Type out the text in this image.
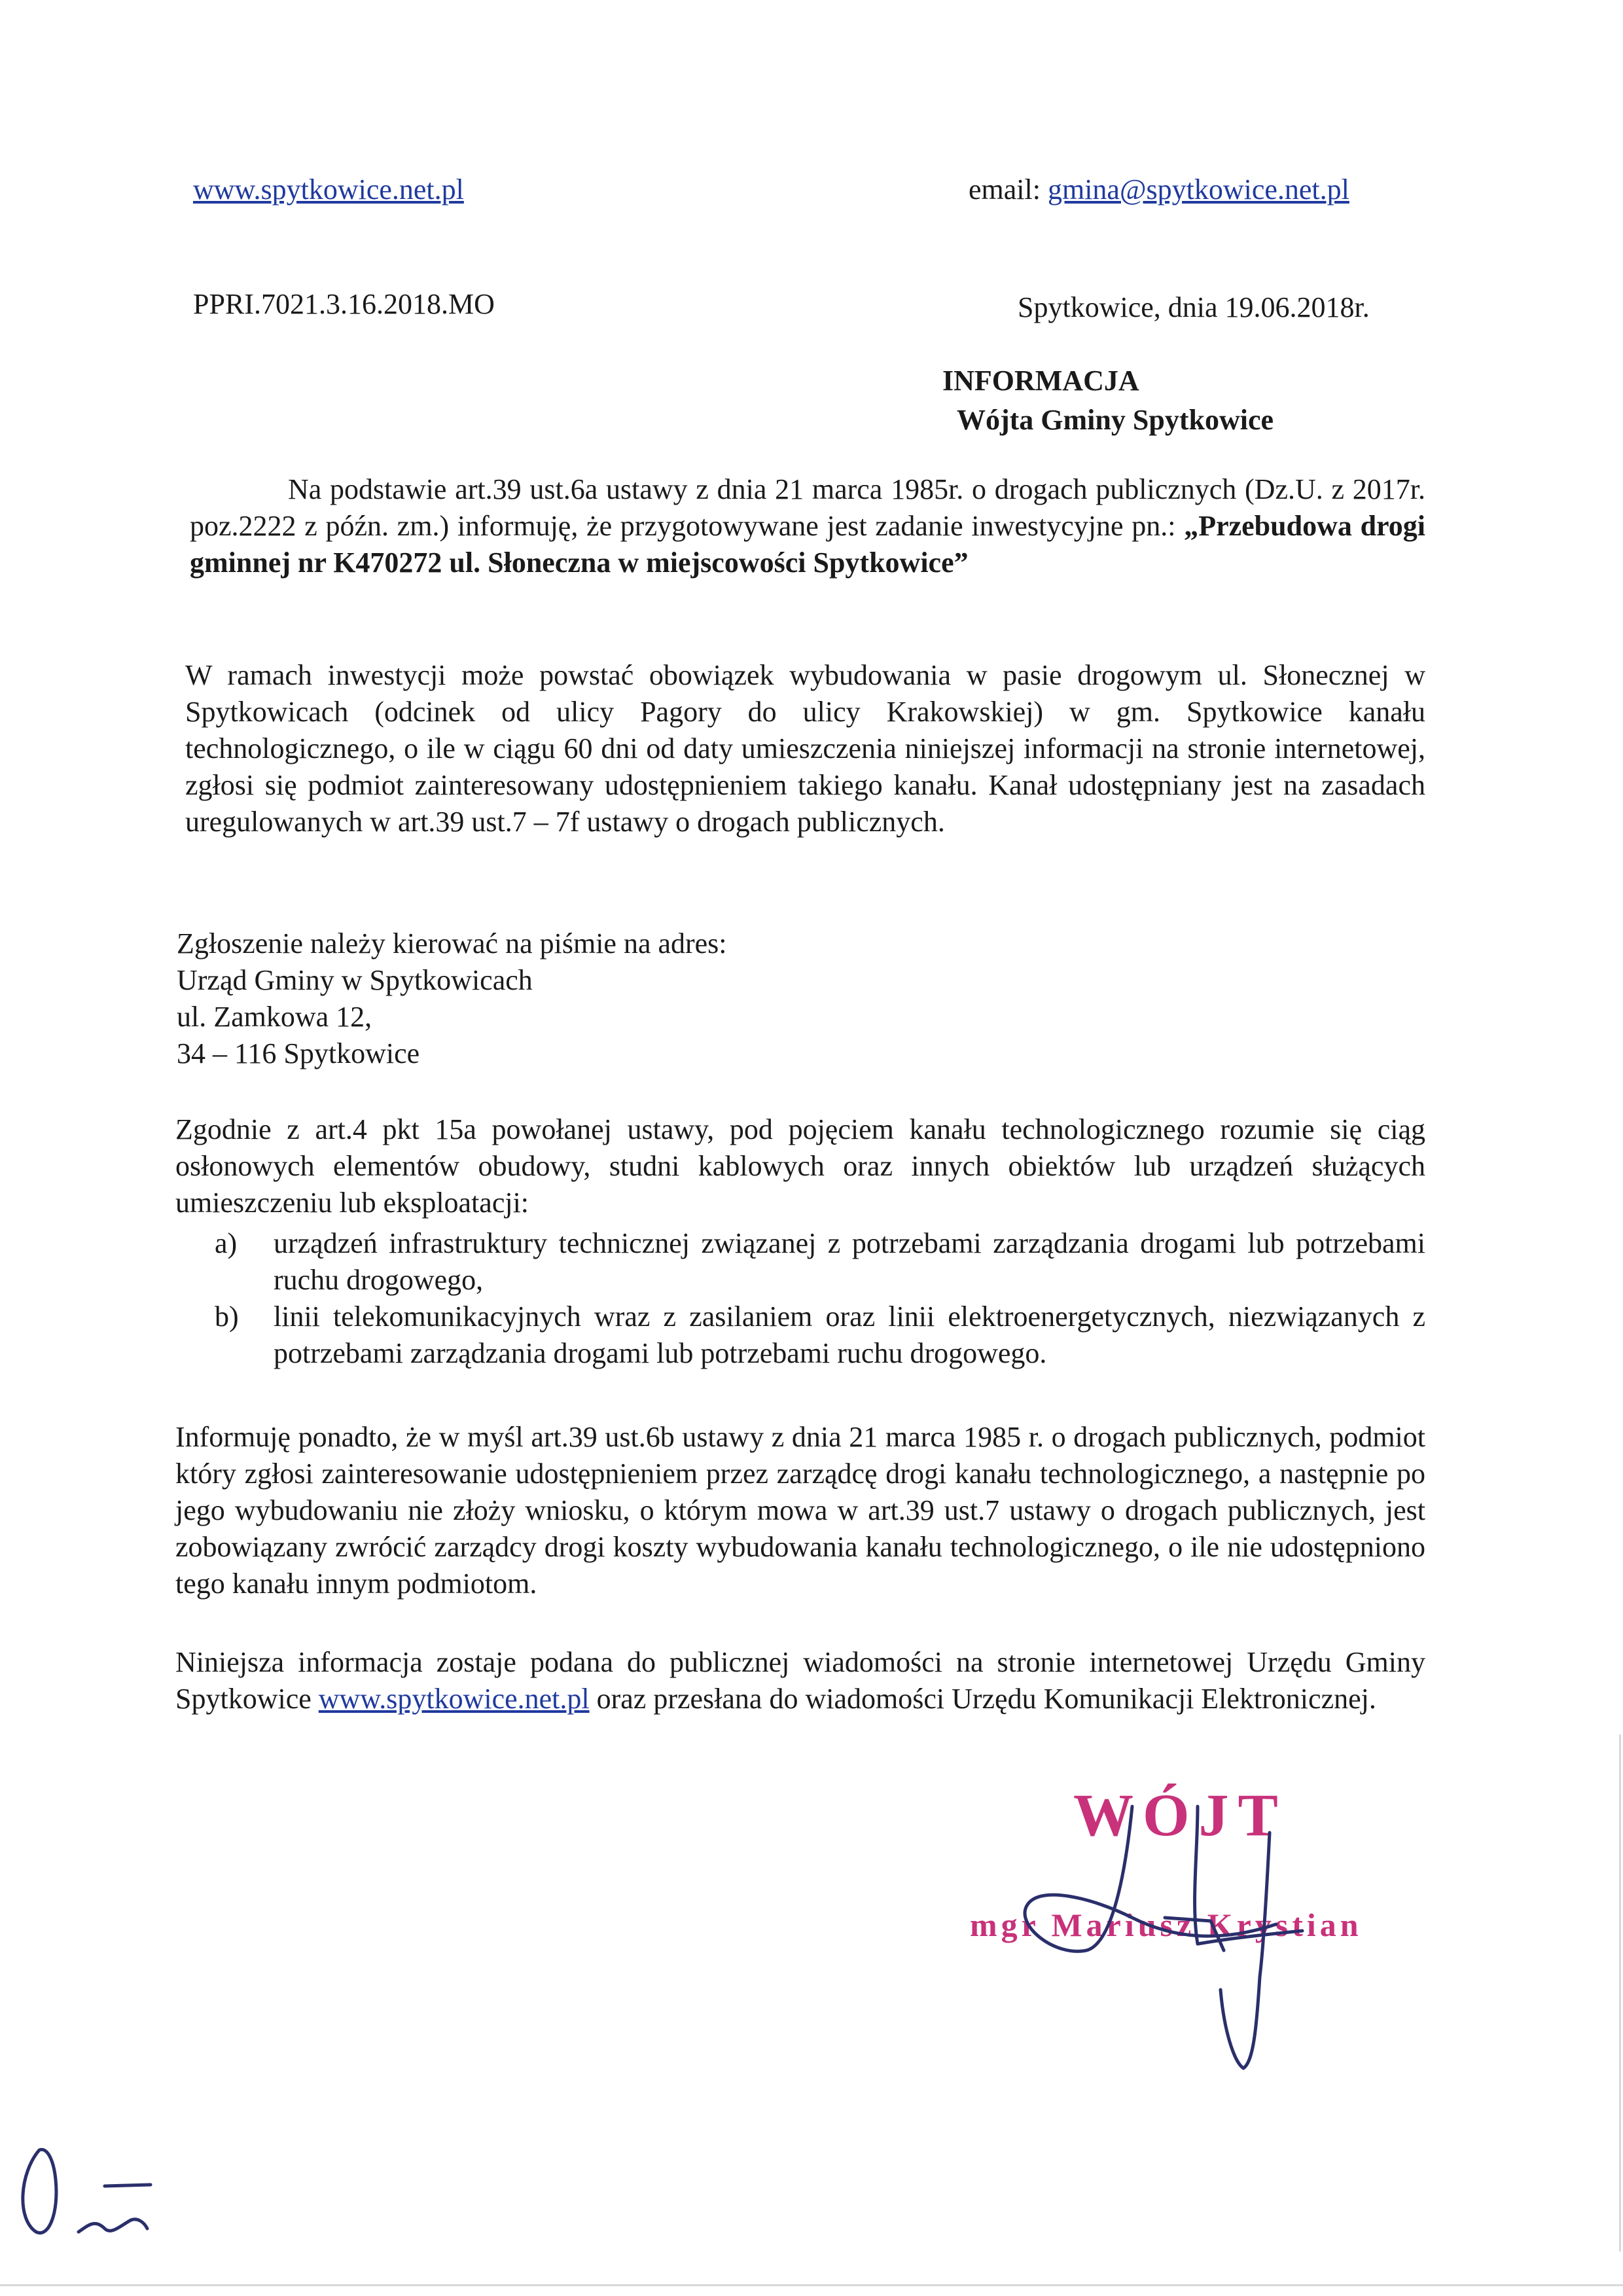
www.spytkowice.net.pl	email: gmina@spytkowice.net.pl
PPRI.7021.3.16.2018.MO	Spytkowice, dnia 19.06.2018r.
INFORMACJA
Wójta Gminy Spytkowice
Na podstawie art.39 ust.6a ustawy z dnia 21 marca 1985r. o drogach publicznych (Dz.U. z 2017r. poz.2222 z późn. zm.) informuję, że przygotowywane jest zadanie inwestycyjne pn.: „Przebudowa drogi gminnej nr K470272 ul. Słoneczna w miejscowości Spytkowice”

W ramach inwestycji może powstać obowiązek wybudowania w pasie drogowym ul. Słonecznej w Spytkowicach (odcinek od ulicy Pagory do ulicy Krakowskiej) w gm. Spytkowice kanału technologicznego, o ile w ciągu 60 dni od daty umieszczenia niniejszej informacji na stronie internetowej, zgłosi się podmiot zainteresowany udostępnieniem takiego kanału. Kanał udostępniany jest na zasadach uregulowanych w art.39 ust.7 – 7f ustawy o drogach publicznych.

Zgłoszenie należy kierować na piśmie na adres:
Urząd Gminy w Spytkowicach
ul. Zamkowa 12,
34 – 116 Spytkowice

Zgodnie z art.4 pkt 15a powołanej ustawy, pod pojęciem kanału technologicznego rozumie się ciąg osłonowych elementów obudowy, studni kablowych oraz innych obiektów lub urządzeń służących umieszczeniu lub eksploatacji:

a) urządzeń infrastruktury technicznej związanej z potrzebami zarządzania drogami lub potrzebami ruchu drogowego,
b) linii telekomunikacyjnych wraz z zasilaniem oraz linii elektroenergetycznych, niezwiązanych z potrzebami zarządzania drogami lub potrzebami ruchu drogowego.

Informuję ponadto, że w myśl art.39 ust.6b ustawy z dnia 21 marca 1985 r. o drogach publicznych, podmiot który zgłosi zainteresowanie udostępnieniem przez zarządcę drogi kanału technologicznego, a następnie po jego wybudowaniu nie złoży wniosku, o którym mowa w art.39 ust.7 ustawy o drogach publicznych, jest zobowiązany zwrócić zarządcy drogi koszty wybudowania kanału technologicznego, o ile nie udostępniono tego kanału innym podmiotom.

Niniejsza informacja zostaje podana do publicznej wiadomości na stronie internetowej Urzędu Gminy Spytkowice www.spytkowice.net.pl oraz przesłana do wiadomości Urzędu Komunikacji Elektronicznej.
WÓJT
mgr Mariusz Krystian
